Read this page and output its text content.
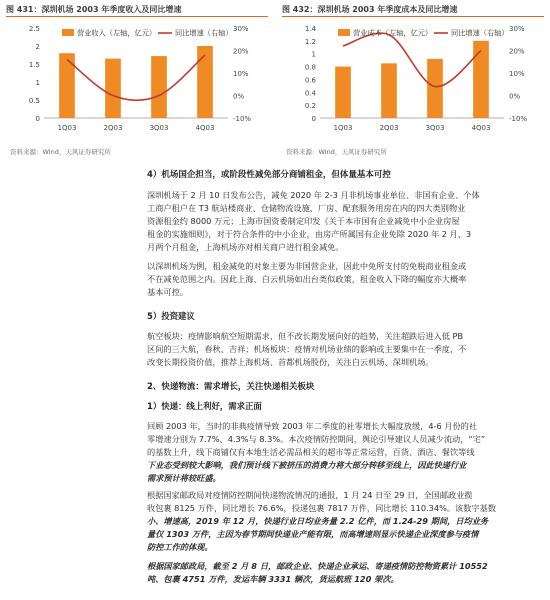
图 431：深圳机场 2003 年季度收入及同比增速	图 432：深圳机场 2003 年季度成本及同比增速
0
0.5
1
1.5
2
2.5
-10%
0%
10%
20%
30%
1Q03	2Q03	3Q03	4Q03
营业收入（左轴，亿元）	同比增速（右轴）
0
0.2
0.4
0.6
0.8
1
1.2
1.4
-10%
0%
10%
20%
30%
1Q03	2Q03	3Q03	4Q03
营业成本（左轴，亿元）	同比增速（右轴）
资料来源：Wind，天风证券研究所	资料来源：Wind，天风证券研究所
4）机场国企担当，或阶段性减免部分商铺租金，但体量基本可控
深圳机场于 2 月 10 日发布公告，减免 2020 年 2-3 月非机场事业单位、非国有企业、个体
工商户租户在 T3 航站楼商业、仓储物流设施、厂房、配套服务用房在内的四大类别物业
资源租金约 8000 万元；上海市国资委制定印发《关于本市国有企业减免中小企业房屋
租金的实施细则》，对于符合条件的中小企业，由房产所属国有企业免除 2020 年 2 月、3
月两个月租金，上海机场亦对相关商户进行租金减免。
以深圳机场为例，租金减免的对象主要为非国营企业，因此中免所支付的免税商业租金或
不在减免范围之内。因此上海、白云机场如出台类似政策，租金收入下降的幅度亦大概率
基本可控。
5）投资建议
航空板块：疫情影响航空短期需求，但不改长期发展向好的趋势，关注超跌后进入低 PB
区间的三大航，春秋、吉祥；机场板块：疫情对机场业绩的影响或主要集中在一季度，不
改变长期投资价值，推荐上海机场、首都机场股份，关注白云机场、深圳机场。
2、快递物流：需求增长，关注快递相关板块
1）快递：线上利好，需求正面
回顾 2003 年，当时的非典疫情导致 2003 年二季度的社零增长大幅度放缓，4-6 月份的社
零增速分别为 7.7%、4.3%与 8.3%。本次疫情防控期间，舆论引导建议人员减少流动，“宅”
的基数上升，线下商铺仅有本地生活必需品相关的超市等正常运营，百货、酒店、餐饮等线
下业态受到较大影响，我们预计线下被挤压的消费力将大部分转移至线上，因此快递行业
需求预计将较旺盛。
根据国家邮政局对疫情防控期间快递物流情况的通报，1 月 24 日至 29 日，全国邮政业揽
收包裹 8125 万件，同比增长 76.6%，投递包裹 7817 万件，同比增长 110.34%。该数字基数
小、增速高，2019 年 12 月，快递行业日均业务量 2.2 亿件，而 1.24-29 期间，日均业务
量仅 1303 万件，主因为春节期间快递业产能有限，而高增速则显示快递企业深度参与疫情
防控工作的体现。
根据国家邮政局，截至 2 月 8 日，邮政企业、快递企业承运、寄递疫情防控物资累计 10552
吨、包裹 4751 万件，发运车辆 3331 辆次，货运航班 120 架次。
